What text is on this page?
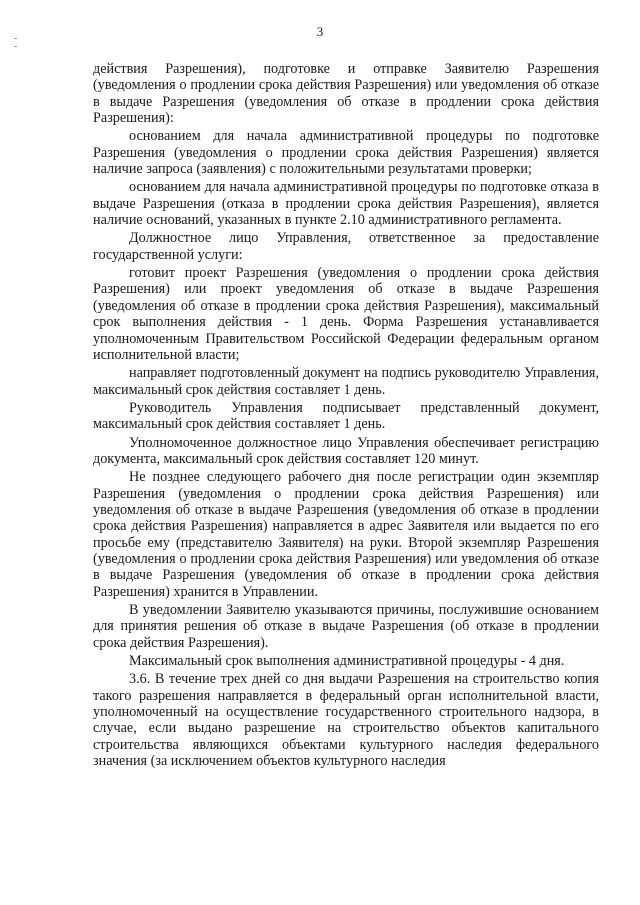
3

действия Разрешения), подготовке и отправке Заявителю Разрешения (уведомления о продлении срока действия Разрешения) или уведомления об отказе в выдаче Разрешения (уведомления об отказе в продлении срока действия Разрешения):

основанием для начала административной процедуры по подготовке Разрешения (уведомления о продлении срока действия Разрешения) является наличие запроса (заявления) с положительными результатами проверки;

основанием для начала административной процедуры по подготовке отказа в выдаче Разрешения (отказа в продлении срока действия Разрешения), является наличие оснований, указанных в пункте 2.10 административного регламента.

Должностное лицо Управления, ответственное за предоставление государственной услуги:

готовит проект Разрешения (уведомления о продлении срока действия Разрешения) или проект уведомления об отказе в выдаче Разрешения (уведомления об отказе в продлении срока действия Разрешения), максимальный срок выполнения действия - 1 день. Форма Разрешения устанавливается уполномоченным Правительством Российской Федерации федеральным органом исполнительной власти;

направляет подготовленный документ на подпись руководителю Управления, максимальный срок действия составляет 1 день.

Руководитель Управления подписывает представленный документ, максимальный срок действия составляет 1 день.

Уполномоченное должностное лицо Управления обеспечивает регистрацию документа, максимальный срок действия составляет 120 минут.

Не позднее следующего рабочего дня после регистрации один экземпляр Разрешения (уведомления о продлении срока действия Разрешения) или уведомления об отказе в выдаче Разрешения (уведомления об отказе в продлении срока действия Разрешения) направляется в адрес Заявителя или выдается по его просьбе ему (представителю Заявителя) на руки. Второй экземпляр Разрешения (уведомления о продлении срока действия Разрешения) или уведомления об отказе в выдаче Разрешения (уведомления об отказе в продлении срока действия Разрешения) хранится в Управлении.

В уведомлении Заявителю указываются причины, послужившие основанием для принятия решения об отказе в выдаче Разрешения (об отказе в продлении срока действия Разрешения).

Максимальный срок выполнения административной процедуры - 4 дня.

3.6. В течение трех дней со дня выдачи Разрешения на строительство копия такого разрешения направляется в федеральный орган исполнительной власти, уполномоченный на осуществление государственного строительного надзора, в случае, если выдано разрешение на строительство объектов капитального строительства являющихся объектами культурного наследия федерального значения (за исключением объектов культурного наследия
